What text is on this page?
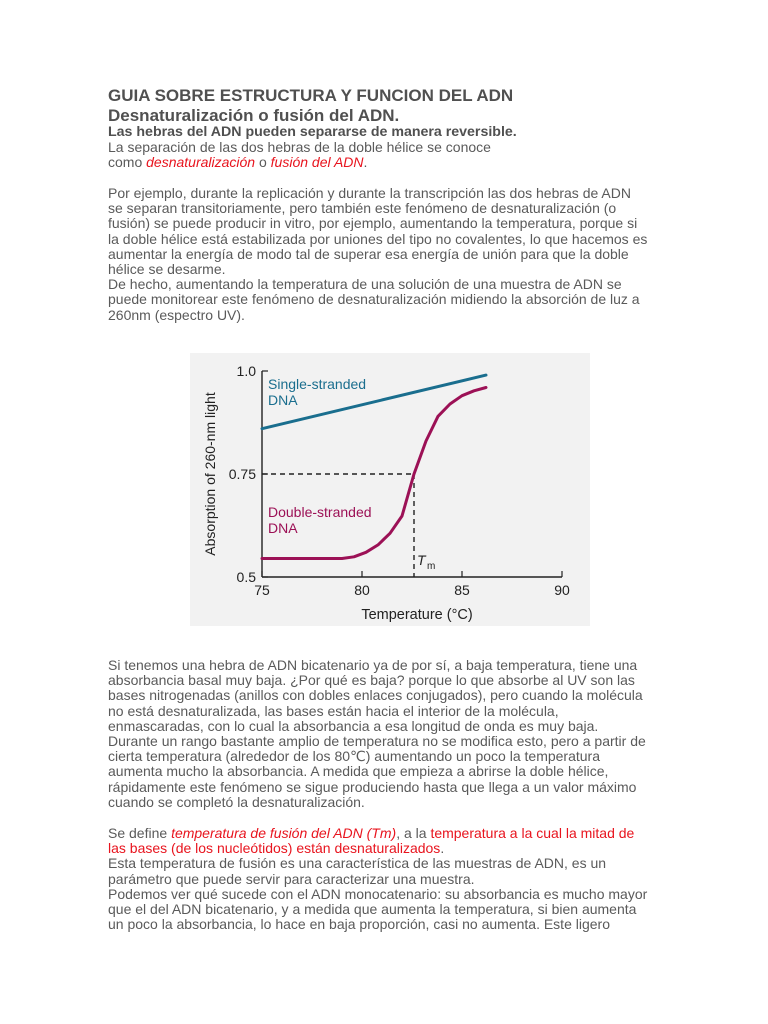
GUIA SOBRE ESTRUCTURA Y FUNCION DEL ADN
Desnaturalización o fusión del ADN.
Las hebras del ADN pueden separarse de manera reversible.
La separación de las dos hebras de la doble hélice se conoce
como desnaturalización o fusión del ADN.
Por ejemplo, durante la replicación y durante la transcripción las dos hebras de ADN
se separan transitoriamente, pero también este fenómeno de desnaturalización (o
fusión) se puede producir in vitro, por ejemplo, aumentando la temperatura, porque si
la doble hélice está estabilizada por uniones del tipo no covalentes, lo que hacemos es
aumentar la energía de modo tal de superar esa energía de unión para que la doble
hélice se desarme.
De hecho, aumentando la temperatura de una solución de una muestra de ADN se
puede monitorear este fenómeno de desnaturalización midiendo la absorción de luz a
260nm (espectro UV).
Si tenemos una hebra de ADN bicatenario ya de por sí, a baja temperatura, tiene una
absorbancia basal muy baja. ¿Por qué es baja? porque lo que absorbe al UV son las
bases nitrogenadas (anillos con dobles enlaces conjugados), pero cuando la molécula
no está desnaturalizada, las bases están hacia el interior de la molécula,
enmascaradas, con lo cual la absorbancia a esa longitud de onda es muy baja.
Durante un rango bastante amplio de temperatura no se modifica esto, pero a partir de
cierta temperatura (alrededor de los 80℃) aumentando un poco la temperatura
aumenta mucho la absorbancia. A medida que empieza a abrirse la doble hélice,
rápidamente este fenómeno se sigue produciendo hasta que llega a un valor máximo
cuando se completó la desnaturalización.
Se define temperatura de fusión del ADN (Tm), a la temperatura a la cual la mitad de
las bases (de los nucleótidos) están desnaturalizados.
Esta temperatura de fusión es una característica de las muestras de ADN, es un
parámetro que puede servir para caracterizar una muestra.
Podemos ver qué sucede con el ADN monocatenario: su absorbancia es mucho mayor
que el del ADN bicatenario, y a medida que aumenta la temperatura, si bien aumenta
un poco la absorbancia, lo hace en baja proporción, casi no aumenta. Este ligero
75	80	85	90
0.5
0.75
1.0
Temperature (°C)
Absorption of 260-nm light
T m
Single-stranded
DNA
Double-stranded
DNA
